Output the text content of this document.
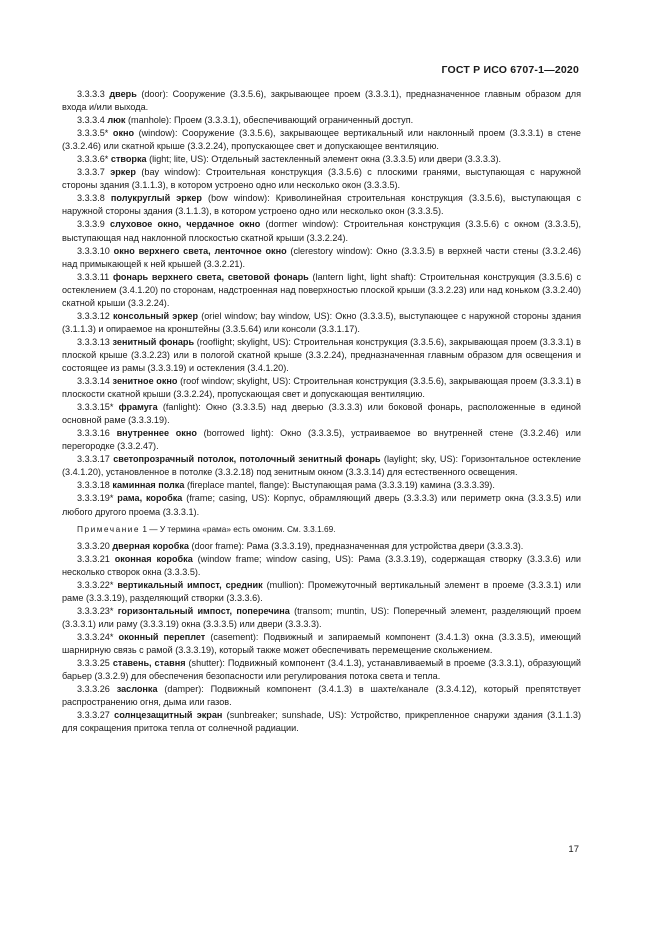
ГОСТ Р ИСО 6707-1—2020

3.3.3.3 дверь (door): Сооружение (3.3.5.6), закрывающее проем (3.3.3.1), предназначенное главным образом для входа и/или выхода.

3.3.3.4 люк (manhole): Проем (3.3.3.1), обеспечивающий ограниченный доступ.

3.3.3.5* окно (window): Сооружение (3.3.5.6), закрывающее вертикальный или наклонный проем (3.3.3.1) в стене (3.3.2.46) или скатной крыше (3.3.2.24), пропускающее свет и допускающее вентиляцию.

3.3.3.6* створка (light; lite, US): Отдельный застекленный элемент окна (3.3.3.5) или двери (3.3.3.3).

3.3.3.7 эркер (bay window): Строительная конструкция (3.3.5.6) с плоскими гранями, выступающая с наружной стороны здания (3.1.1.3), в котором устроено одно или несколько окон (3.3.3.5).

3.3.3.8 полукруглый эркер (bow window): Криволинейная строительная конструкция (3.3.5.6), выступающая с наружной стороны здания (3.1.1.3), в котором устроено одно или несколько окон (3.3.3.5).

3.3.3.9 слуховое окно, чердачное окно (dormer window): Строительная конструкция (3.3.5.6) с окном (3.3.3.5), выступающая над наклонной плоскостью скатной крыши (3.3.2.24).

3.3.3.10 окно верхнего света, ленточное окно (clerestory window): Окно (3.3.3.5) в верхней части стены (3.3.2.46) над примыкающей к ней крышей (3.3.2.21).

3.3.3.11 фонарь верхнего света, световой фонарь (lantern light, light shaft): Строительная конструкция (3.3.5.6) с остеклением (3.4.1.20) по сторонам, надстроенная над поверхностью плоской крыши (3.3.2.23) или над коньком (3.3.2.40) скатной крыши (3.3.2.24).

3.3.3.12 консольный эркер (oriel window; bay window, US): Окно (3.3.3.5), выступающее с наружной стороны здания (3.1.1.3) и опираемое на кронштейны (3.3.5.64) или консоли (3.3.1.17).

3.3.3.13 зенитный фонарь (rooflight; skylight, US): Строительная конструкция (3.3.5.6), закрывающая проем (3.3.3.1) в плоской крыше (3.3.2.23) или в пологой скатной крыше (3.3.2.24), предназначенная главным образом для освещения и состоящее из рамы (3.3.3.19) и остекления (3.4.1.20).

3.3.3.14 зенитное окно (roof window; skylight, US): Строительная конструкция (3.3.5.6), закрывающая проем (3.3.3.1) в плоскости скатной крыши (3.3.2.24), пропускающая свет и допускающая вентиляцию.

3.3.3.15* фрамуга (fanlight): Окно (3.3.3.5) над дверью (3.3.3.3) или боковой фонарь, расположенные в единой основной раме (3.3.3.19).

3.3.3.16 внутреннее окно (borrowed light): Окно (3.3.3.5), устраиваемое во внутренней стене (3.3.2.46) или перегородке (3.3.2.47).

3.3.3.17 светопрозрачный потолок, потолочный зенитный фонарь (laylight; sky, US): Горизонтальное остекление (3.4.1.20), установленное в потолке (3.3.2.18) под зенитным окном (3.3.3.14) для естественного освещения.

3.3.3.18 каминная полка (fireplace mantel, flange): Выступающая рама (3.3.3.19) камина (3.3.3.39).

3.3.3.19* рама, коробка (frame; casing, US): Корпус, обрамляющий дверь (3.3.3.3) или периметр окна (3.3.3.5) или любого другого проема (3.3.3.1).

Примечание 1 — У термина «рама» есть омоним. См. 3.3.1.69.

3.3.3.20 дверная коробка (door frame): Рама (3.3.3.19), предназначенная для устройства двери (3.3.3.3).

3.3.3.21 оконная коробка (window frame; window casing, US): Рама (3.3.3.19), содержащая створку (3.3.3.6) или несколько створок окна (3.3.3.5).

3.3.3.22* вертикальный импост, средник (mullion): Промежуточный вертикальный элемент в проеме (3.3.3.1) или раме (3.3.3.19), разделяющий створки (3.3.3.6).

3.3.3.23* горизонтальный импост, поперечина (transom; muntin, US): Поперечный элемент, разделяющий проем (3.3.3.1) или раму (3.3.3.19) окна (3.3.3.5) или двери (3.3.3.3).

3.3.3.24* оконный переплет (casement): Подвижный и запираемый компонент (3.4.1.3) окна (3.3.3.5), имеющий шарнирную связь с рамой (3.3.3.19), который также может обеспечивать перемещение скольжением.

3.3.3.25 ставень, ставня (shutter): Подвижный компонент (3.4.1.3), устанавливаемый в проеме (3.3.3.1), образующий барьер (3.3.2.9) для обеспечения безопасности или регулирования потока света и тепла.

3.3.3.26 заслонка (damper): Подвижный компонент (3.4.1.3) в шахте/канале (3.3.4.12), который препятствует распространению огня, дыма или газов.

3.3.3.27 солнцезащитный экран (sunbreaker; sunshade, US): Устройство, прикрепленное снаружи здания (3.1.1.3) для сокращения притока тепла от солнечной радиации.

17
